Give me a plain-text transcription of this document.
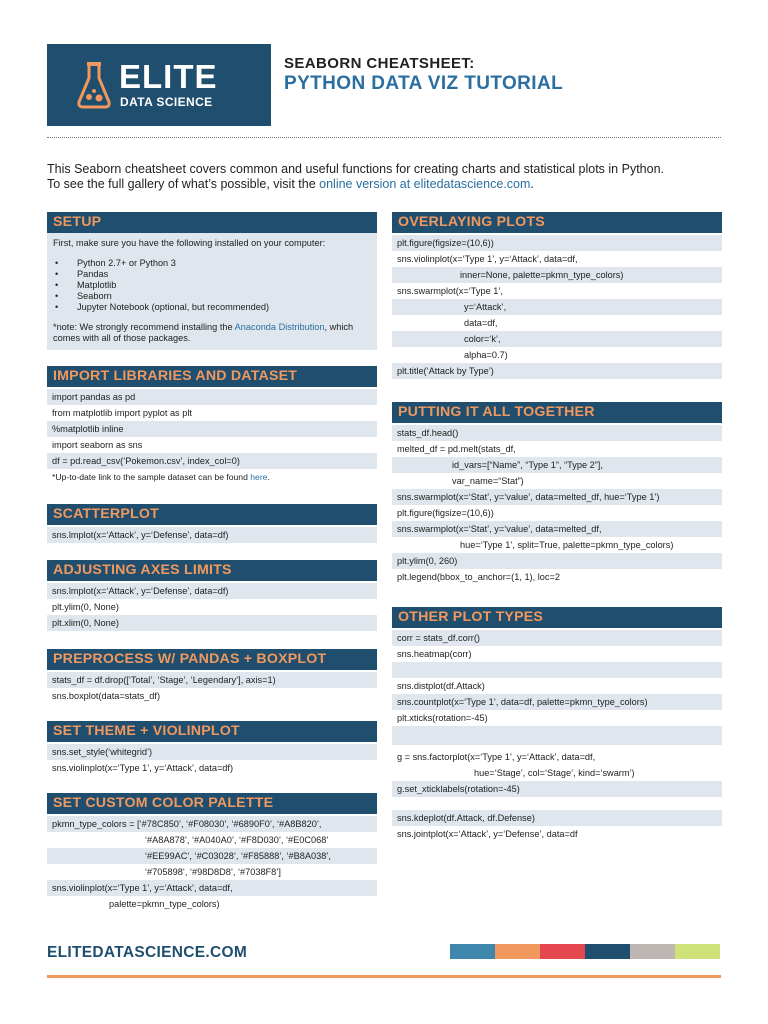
ELITE
DATA SCIENCE
SEABORN CHEATSHEET:
PYTHON DATA VIZ TUTORIAL
This Seaborn cheatsheet covers common and useful functions for creating charts and statistical plots in Python.
To see the full gallery of what’s possible, visit the online version at elitedatascience.com.
SETUP
First, make sure you have the following installed on your computer:
• Python 2.7+ or Python 3
• Pandas
• Matplotlib
• Seaborn
• Jupyter Notebook (optional, but recommended)
*note: We strongly recommend installing the Anaconda Distribution, which
comes with all of those packages.
IMPORT LIBRARIES AND DATASET
import pandas as pd
from matplotlib import pyplot as plt
%matplotlib inline
import seaborn as sns
df = pd.read_csv(‘Pokemon.csv’, index_col=0)
*Up-to-date link to the sample dataset can be found here.
SCATTERPLOT
sns.lmplot(x=‘Attack’, y=‘Defense’, data=df)
ADJUSTING AXES LIMITS
sns.lmplot(x=‘Attack’, y=‘Defense’, data=df)
plt.ylim(0, None)
plt.xlim(0, None)
PREPROCESS W/ PANDAS + BOXPLOT
stats_df = df.drop([‘Total’, ‘Stage’, ‘Legendary’], axis=1)
sns.boxplot(data=stats_df)
SET THEME + VIOLINPLOT
sns.set_style(‘whitegrid’)
sns.violinplot(x=‘Type 1’, y=‘Attack’, data=df)
SET CUSTOM COLOR PALETTE
pkmn_type_colors = [‘#78C850’, ‘#F08030’, ‘#6890F0’, ‘#A8B820’,
‘#A8A878’, ‘#A040A0’, ‘#F8D030’, ‘#E0C068’
‘#EE99AC’, ‘#C03028’, ‘#F85888’, ‘#B8A038’,
‘#705898’, ‘#98D8D8’, ‘#7038F8’]
sns.violinplot(x=‘Type 1’, y=‘Attack’, data=df,
palette=pkmn_type_colors)
OVERLAYING PLOTS
plt.figure(figsize=(10,6))
sns.violinplot(x=‘Type 1’, y=‘Attack’, data=df,
inner=None, palette=pkmn_type_colors)
sns.swarmplot(x=‘Type 1’,
y=‘Attack’,
data=df,
color=‘k’,
alpha=0.7)
plt.title(‘Attack by Type’)
PUTTING IT ALL TOGETHER
stats_df.head()
melted_df = pd.melt(stats_df,
id_vars=[“Name”, “Type 1”, “Type 2”],
var_name=“Stat”)
sns.swarmplot(x=‘Stat’, y=‘value’, data=melted_df, hue=‘Type 1’)
plt.figure(figsize=(10,6))
sns.swarmplot(x=‘Stat’, y=‘value’, data=melted_df,
hue=‘Type 1’, split=True, palette=pkmn_type_colors)
plt.ylim(0, 260)
plt.legend(bbox_to_anchor=(1, 1), loc=2
OTHER PLOT TYPES
corr = stats_df.corr()
sns.heatmap(corr)
sns.distplot(df.Attack)
sns.countplot(x=‘Type 1’, data=df, palette=pkmn_type_colors)
plt.xticks(rotation=-45)
g = sns.factorplot(x=‘Type 1’, y=‘Attack’, data=df,
hue=‘Stage’, col=‘Stage’, kind=‘swarm’)
g.set_xticklabels(rotation=-45)
sns.kdeplot(df.Attack, df.Defense)
sns.jointplot(x=‘Attack’, y=‘Defense’, data=df
ELITEDATASCIENCE.COM
